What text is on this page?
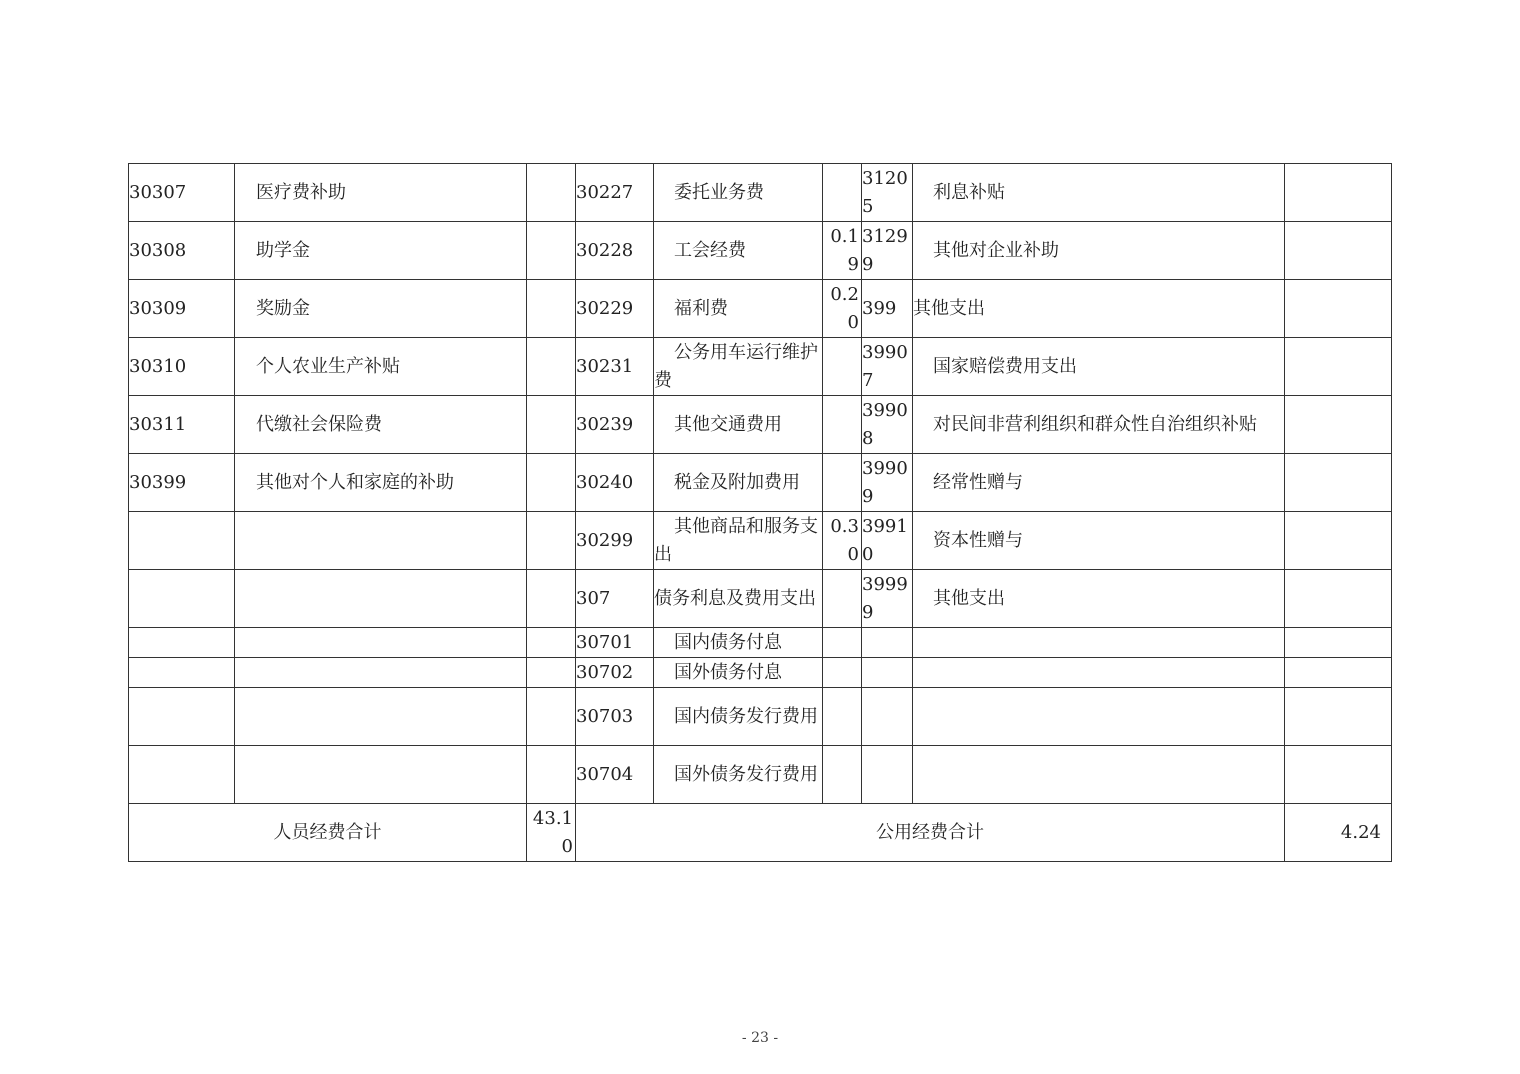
30307	医疗费补助		30227	委托业务费		31205	利息补贴	
30308	助学金		30228	工会经费	0.19	31299	其他对企业补助	
30309	奖励金		30229	福利费	0.20	399	其他支出	
30310	个人农业生产补贴		30231	公务用车运行维护费		39907	国家赔偿费用支出	
30311	代缴社会保险费		30239	其他交通费用		39908	对民间非营利组织和群众性自治组织补贴	
30399	其他对个人和家庭的补助		30240	税金及附加费用		39909	经常性赠与	
			30299	其他商品和服务支出	0.30	39910	资本性赠与	
			307	债务利息及费用支出		39999	其他支出	
			30701	国内债务付息				
			30702	国外债务付息				
			30703	国内债务发行费用				
			30704	国外债务发行费用				
人员经费合计		43.10	公用经费合计					4.24
- 23 -
